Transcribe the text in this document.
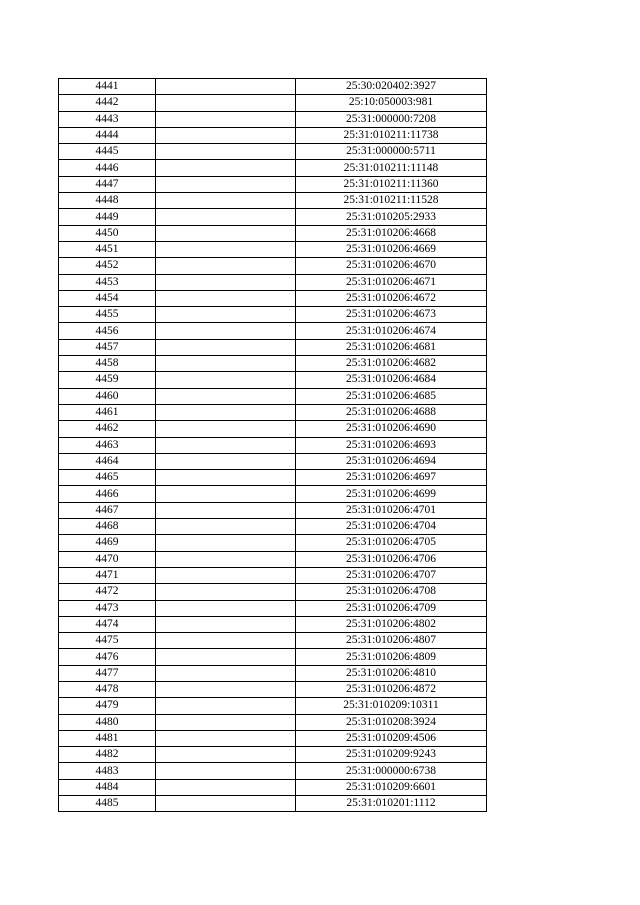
4441		25:30:020402:3927
4442		25:10:050003:981
4443		25:31:000000:7208
4444		25:31:010211:11738
4445		25:31:000000:5711
4446		25:31:010211:11148
4447		25:31:010211:11360
4448		25:31:010211:11528
4449		25:31:010205:2933
4450		25:31:010206:4668
4451		25:31:010206:4669
4452		25:31:010206:4670
4453		25:31:010206:4671
4454		25:31:010206:4672
4455		25:31:010206:4673
4456		25:31:010206:4674
4457		25:31:010206:4681
4458		25:31:010206:4682
4459		25:31:010206:4684
4460		25:31:010206:4685
4461		25:31:010206:4688
4462		25:31:010206:4690
4463		25:31:010206:4693
4464		25:31:010206:4694
4465		25:31:010206:4697
4466		25:31:010206:4699
4467		25:31:010206:4701
4468		25:31:010206:4704
4469		25:31:010206:4705
4470		25:31:010206:4706
4471		25:31:010206:4707
4472		25:31:010206:4708
4473		25:31:010206:4709
4474		25:31:010206:4802
4475		25:31:010206:4807
4476		25:31:010206:4809
4477		25:31:010206:4810
4478		25:31:010206:4872
4479		25:31:010209:10311
4480		25:31:010208:3924
4481		25:31:010209:4506
4482		25:31:010209:9243
4483		25:31:000000:6738
4484		25:31:010209:6601
4485		25:31:010201:1112
